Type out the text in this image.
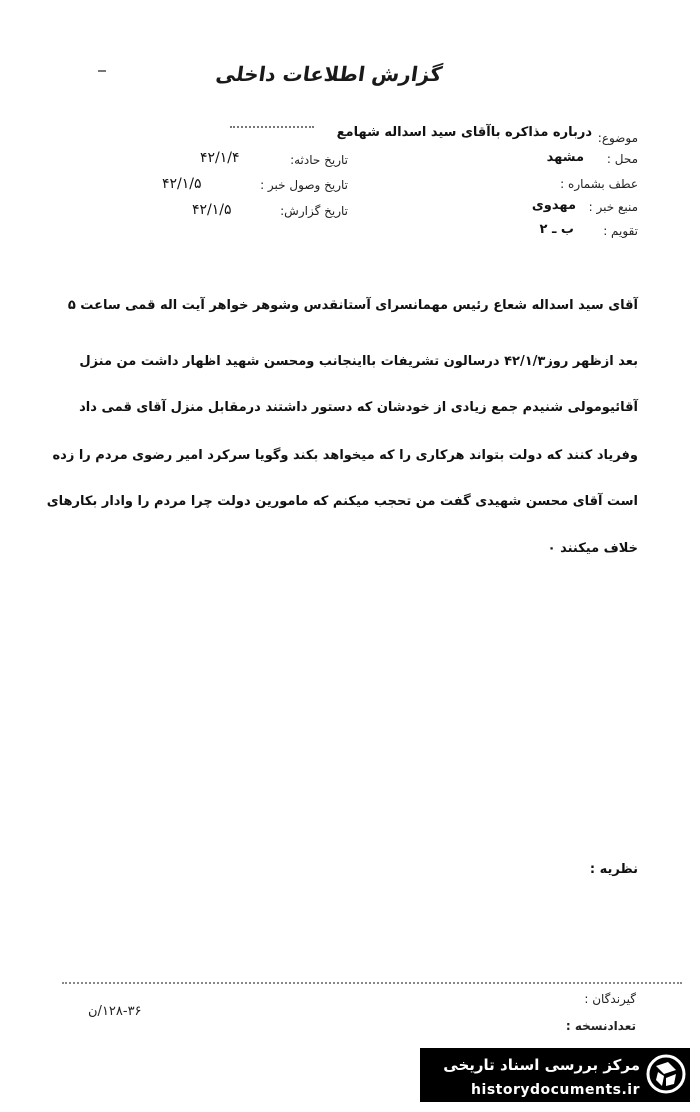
گزارش اطلاعات داخلی
موضوع:
درباره مذاکره باآقای سید اسداله شهامع
محل :
مشهد
عطف بشماره :
منبع خبر :
مهدوی
تقویم :
ب ـ ۲
تاریخ حادثه:
۴۲/۱/۴
تاریخ وصول خبر :
۴۲/۱/۵
تاریخ گزارش:
۴۲/۱/۵
آقای سید اسداله شعاع رئیس مهمانسرای آستانقدس وشوهر خواهر آیت اله قمی ساعت ۵
بعد ازظهر روز۴۲/۱/۳ درسالون تشریفات بااینجانب ومحسن شهید اظهار داشت من منزل
آقائیومولی شنیدم جمع زیادی از خودشان که دستور داشتند درمقابل منزل آقای قمی داد
وفریاد کنند که دولت بتواند هرکاری را که میخواهد بکند وگویا سرکرد امیر رضوی مردم را زده
است آقای محسن شهیدی گفت من تحجب میکنم که مامورین دولت چرا مردم را وادار بکارهای
خلاف میکنند ۰
نظریه :
گیرندگان :
تعدادنسخه :
۱۲۸-۳۶/ن
مرکز بررسی اسناد تاریخی
historydocuments.ir
